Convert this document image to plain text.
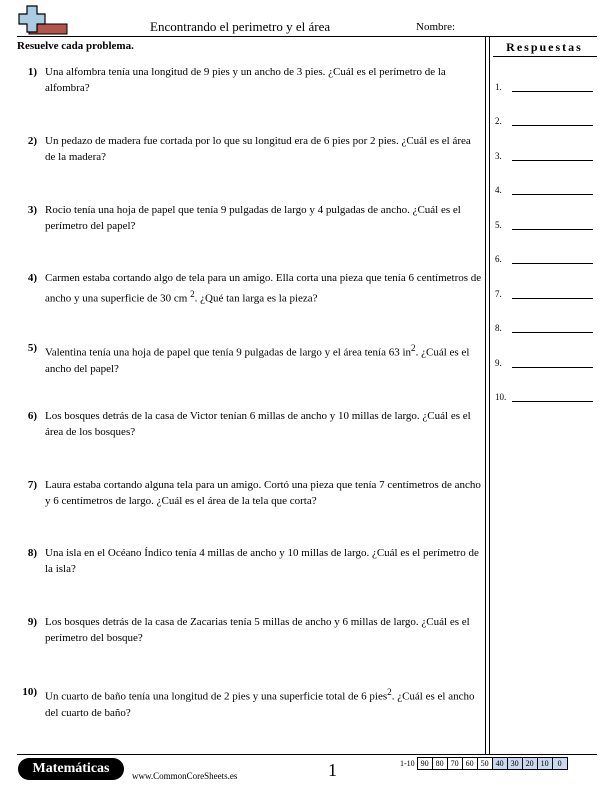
Encontrando el perimetro y el área	Nombre:
Resuelve cada problema.
1) Una alfombra tenía una longitud de 9 pies y un ancho de 3 pies. ¿Cuál es el perímetro de la alfombra?
2) Un pedazo de madera fue cortada por lo que su longitud era de 6 pies por 2 pies. ¿Cuál es el área de la madera?
3) Rocio tenía una hoja de papel que tenía 9 pulgadas de largo y 4 pulgadas de ancho. ¿Cuál es el perímetro del papel?
4) Carmen estaba cortando algo de tela para un amigo. Ella corta una pieza que tenía 6 centímetros de ancho y una superficie de 30 cm $^2$. ¿Qué tan larga es la pieza?
5) Valentina tenía una hoja de papel que tenía 9 pulgadas de largo y el área tenía 63 $in^2$. ¿Cuál es el ancho del papel?
6) Los bosques detrás de la casa de Victor tenían 6 millas de ancho y 10 millas de largo. ¿Cuál es el área de los bosques?
7) Laura estaba cortando alguna tela para un amigo. Cortó una pieza que tenía 7 centímetros de ancho y 6 centímetros de largo. ¿Cuál es el área de la tela que corta?
8) Una isla en el Océano Índico tenía 4 millas de ancho y 10 millas de largo. ¿Cuál es el perímetro de la isla?
9) Los bosques detrás de la casa de Zacarias tenía 5 millas de ancho y 6 millas de largo. ¿Cuál es el perímetro del bosque?
10) Un cuarto de baño tenía una longitud de 2 pies y una superficie total de 6 pies$^2$. ¿Cuál es el ancho del cuarto de baño?
Respuestas
1.
2.
3.
4.
5.
6.
7.
8.
9.
10.
Matemáticas	www.CommonCoreSheets.es	1	1-10	90	80	70	60	50	40	30	20	10	0
